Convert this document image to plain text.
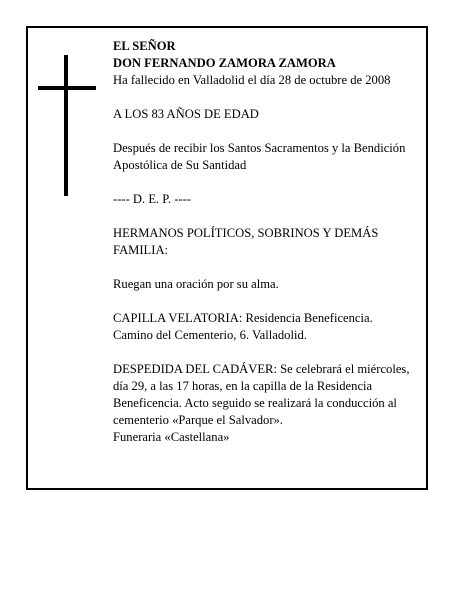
EL SEÑOR

DON FERNANDO ZAMORA ZAMORA

Ha fallecido en Valladolid el día 28 de octubre de 2008

A LOS 83 AÑOS DE EDAD

Después de recibir los Santos Sacramentos y la Bendición Apostólica de Su Santidad

---- D. E. P. ----

HERMANOS POLÍTICOS, SOBRINOS Y DEMÁS FAMILIA:

Ruegan una oración por su alma.

CAPILLA VELATORIA: Residencia Beneficencia. Camino del Cementerio, 6. Valladolid.

DESPEDIDA DEL CADÁVER: Se celebrará el miércoles, día 29, a las 17 horas, en la capilla de la Residencia Beneficencia. Acto seguido se realizará la conducción al cementerio «Parque el Salvador».

Funeraria «Castellana»
